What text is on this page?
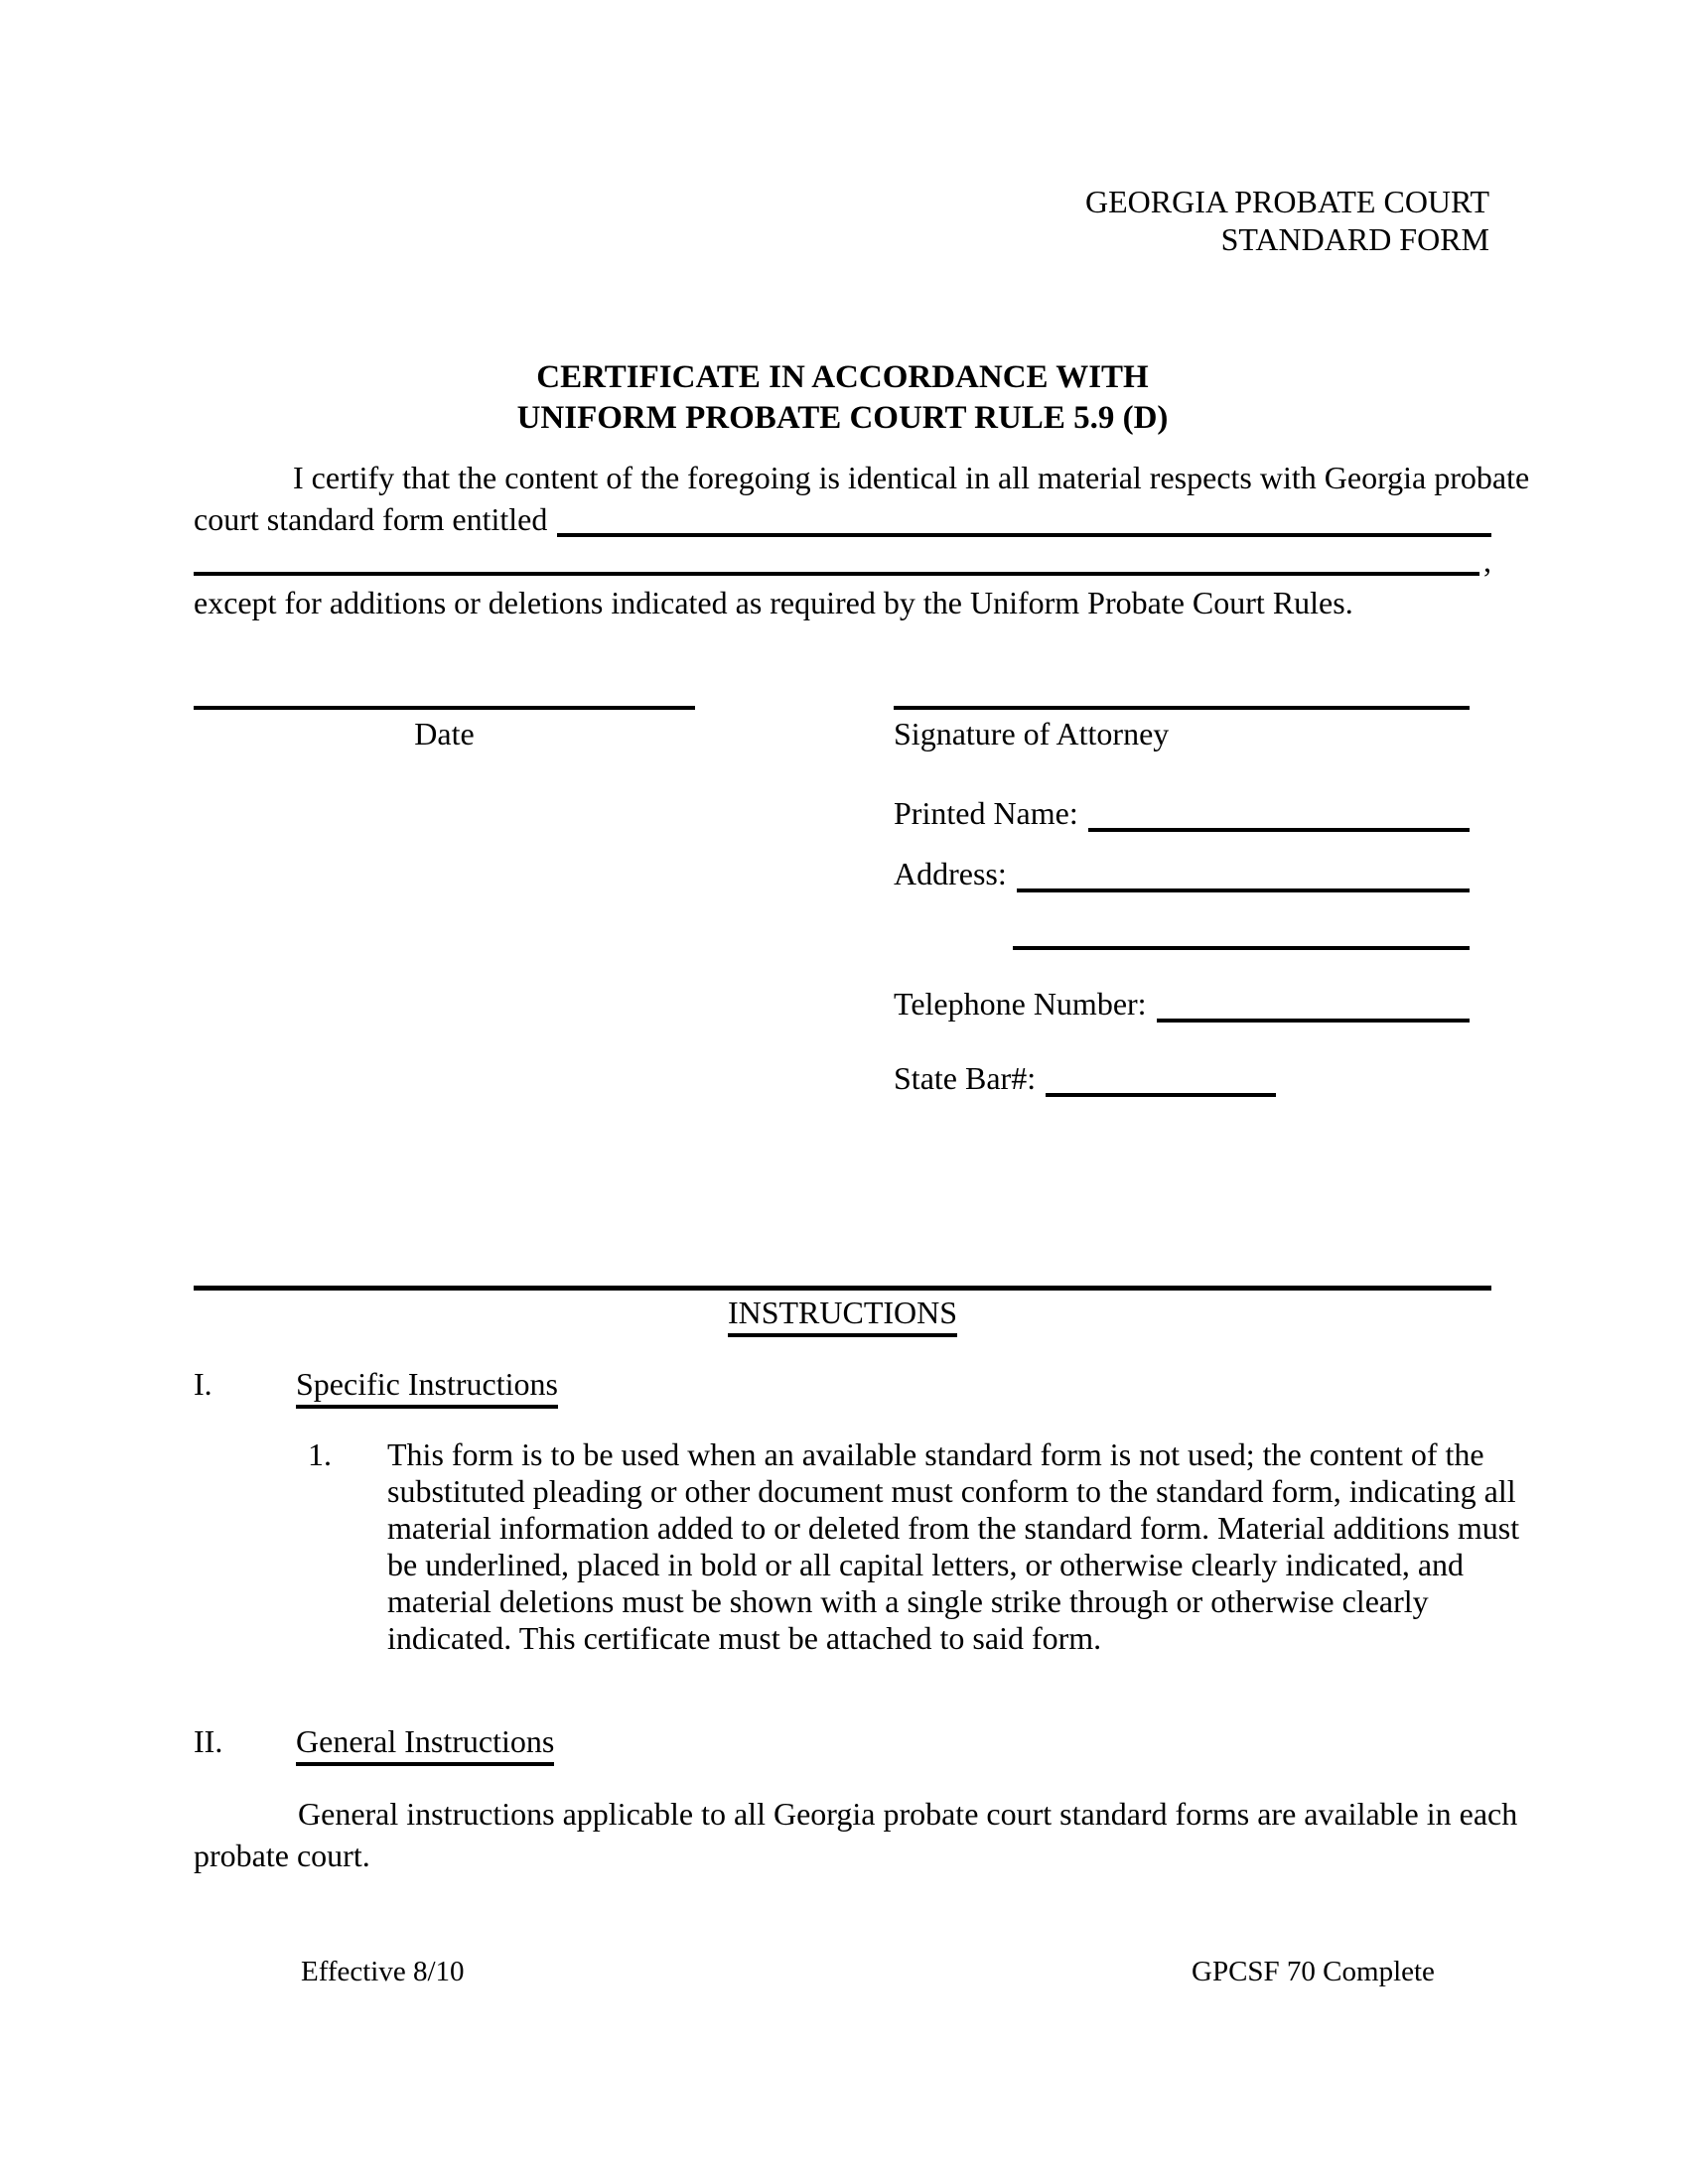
GEORGIA PROBATE COURT
STANDARD FORM
CERTIFICATE IN ACCORDANCE WITH
UNIFORM PROBATE COURT RULE 5.9 (D)
I certify that the content of the foregoing is identical in all material respects with Georgia probate
court standard form entitled
,
except for additions or deletions indicated as required by the Uniform Probate Court Rules.
Date	Signature of Attorney
Printed Name:
Address:
Telephone Number:
State Bar#:
INSTRUCTIONS
I.	Specific Instructions
1. This form is to be used when an available standard form is not used; the content of the
substituted pleading or other document must conform to the standard form, indicating all
material information added to or deleted from the standard form. Material additions must
be underlined, placed in bold or all capital letters, or otherwise clearly indicated, and
material deletions must be shown with a single strike through or otherwise clearly
indicated. This certificate must be attached to said form.
II.	General Instructions
General instructions applicable to all Georgia probate court standard forms are available in each
probate court.
Effective 8/10	GPCSF 70 Complete
